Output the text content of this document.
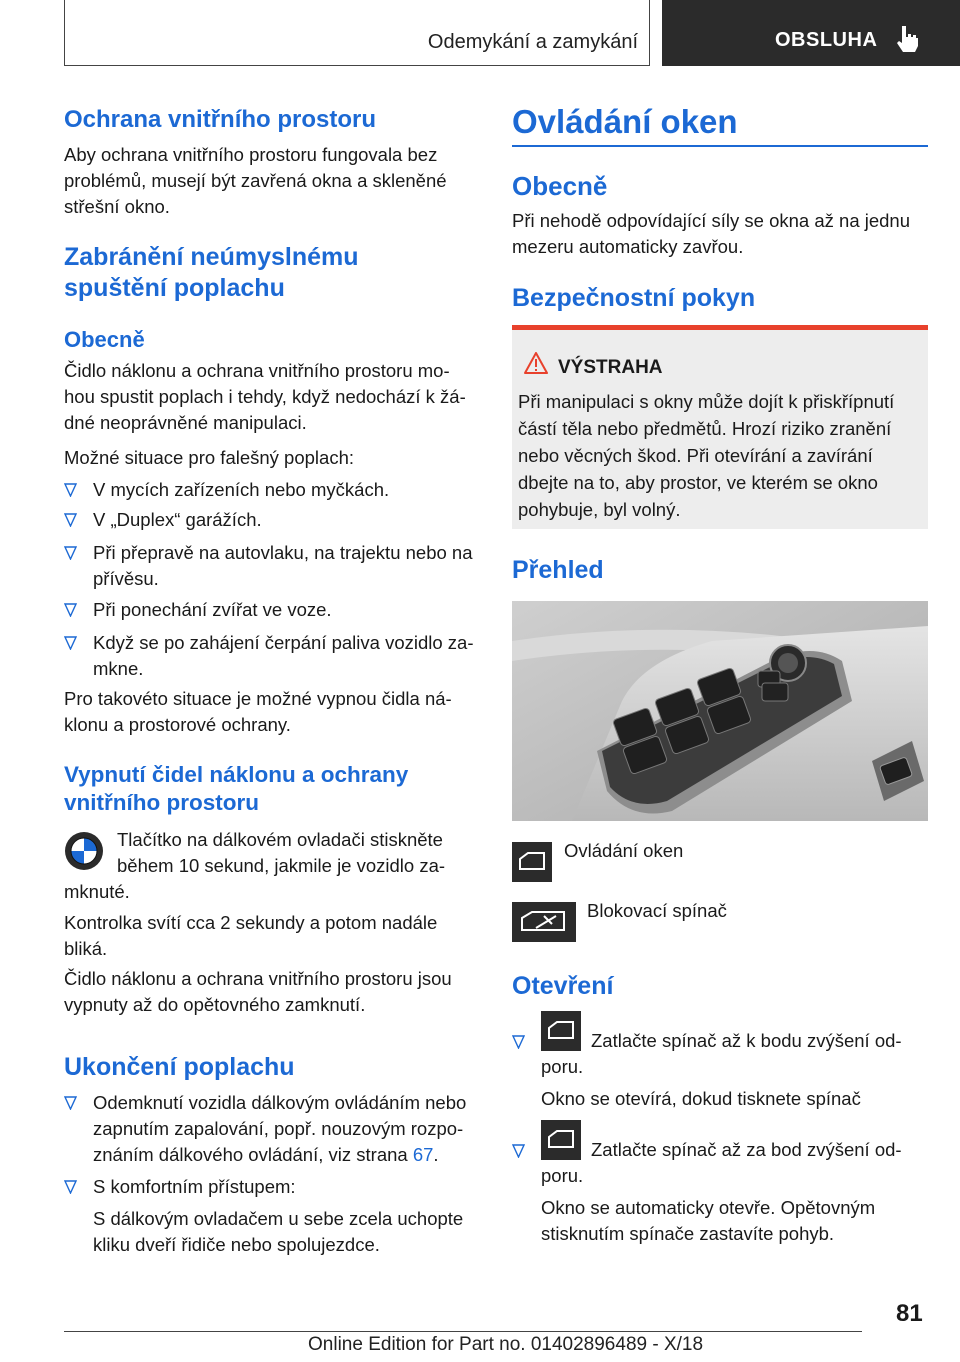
Odemykání a zamykání	OBSLUHA
Ochrana vnitřního prostoru
Aby ochrana vnitřního prostoru fungovala bez
problémů, musejí být zavřená okna a skleněné
střešní okno.
Zabránění neúmyslnému
spuštění poplachu
Obecně
Čidlo náklonu a ochrana vnitřního prostoru mo-
hou spustit poplach i tehdy, když nedochází k žá-
dné neoprávněné manipulaci.
Možné situace pro falešný poplach:
V mycích zařízeních nebo myčkách.
V „Duplex“ garážích.
Při přepravě na autovlaku, na trajektu nebo na
přívěsu.
Při ponechání zvířat ve voze.
Když se po zahájení čerpání paliva vozidlo za-
mkne.
Pro takovéto situace je možné vypnou čidla ná-
klonu a prostorové ochrany.
Vypnutí čidel náklonu a ochrany
vnitřního prostoru
Tlačítko na dálkovém ovladači stiskněte
během 10 sekund, jakmile je vozidlo za-
mknuté.
Kontrolka svítí cca 2 sekundy a potom nadále
bliká.
Čidlo náklonu a ochrana vnitřního prostoru jsou
vypnuty až do opětovného zamknutí.
Ukončení poplachu
Odemknutí vozidla dálkovým ovládáním nebo
zapnutím zapalování, popř. nouzovým rozpo-
znáním dálkového ovládání, viz strana 67.
S komfortním přístupem:
S dálkovým ovladačem u sebe zcela uchopte
kliku dveří řidiče nebo spolujezdce.
Ovládání oken
Obecně
Při nehodě odpovídající síly se okna až na jednu
mezeru automaticky zavřou.
Bezpečnostní pokyn
VÝSTRAHA
Při manipulaci s okny může dojít k přiskřípnutí
částí těla nebo předmětů. Hrozí riziko zranění
nebo věcných škod. Při otevírání a zavírání
dbejte na to, aby prostor, ve kterém se okno
pohybuje, byl volný.
Přehled
Ovládání oken
Blokovací spínač
Otevření
Zatlačte spínač až k bodu zvýšení od-
poru.
Okno se otevírá, dokud tisknete spínač
Zatlačte spínač až za bod zvýšení od-
poru.
Okno se automaticky otevře. Opětovným
stisknutím spínače zastavíte pohyb.
81
Online Edition for Part no. 01402896489 - X/18
